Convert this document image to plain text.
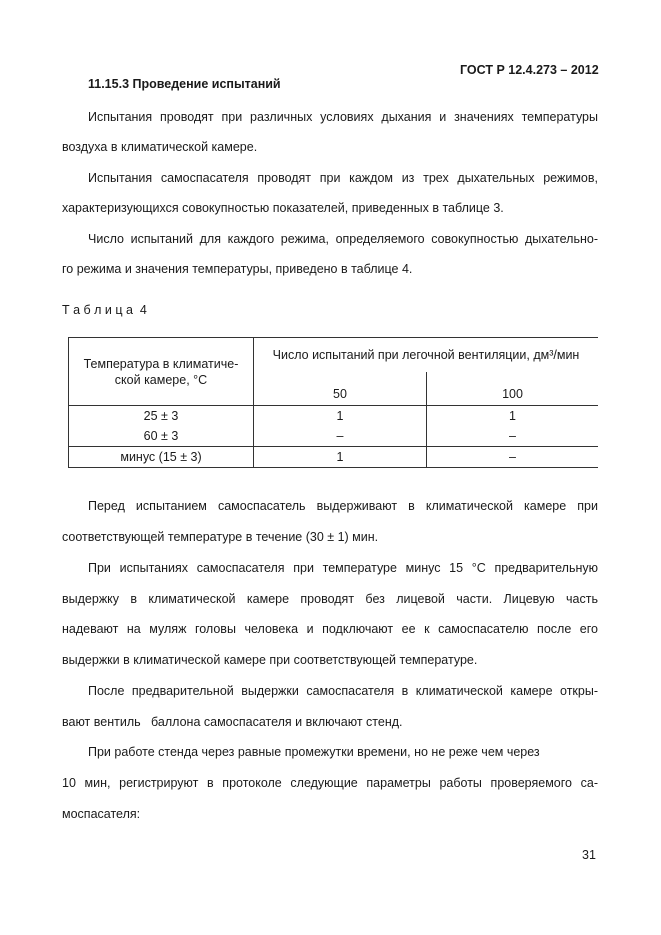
ГОСТ Р 12.4.273 – 2012
11.15.3 Проведение испытаний
Испытания проводят при различных условиях дыхания и значениях температуры
воздуха в климатической камере.
Испытания самоспасателя проводят при каждом из трех дыхательных режимов,
характеризующихся совокупностью показателей, приведенных в таблице 3.
Число испытаний для каждого режима, определяемого совокупностью дыхательно-
го режима и значения температуры, приведено в таблице 4.
Т а б л и ц а  4
Температура в климатиче-
ской камере, °С	Число испытаний при легочной вентиляции, дм³/мин	
	50	100
25 ± 3	1	1
60 ± 3	–	–
минус (15 ± 3)	1	–
Перед испытанием самоспасатель выдерживают в климатической камере при
соответствующей температуре в течение (30 ± 1) мин.
При испытаниях самоспасателя при температуре минус 15 °С предварительную
выдержку в климатической камере проводят без лицевой части. Лицевую часть
надевают на муляж головы человека и подключают ее к самоспасателю после его
выдержки в климатической камере при соответствующей температуре.
После предварительной выдержки самоспасателя в климатической камере откры-
вают вентиль   баллона самоспасателя и включают стенд.
При работе стенда через равные промежутки времени, но не реже чем через
10 мин, регистрируют в протоколе следующие параметры работы проверяемого са-
моспасателя:
31
